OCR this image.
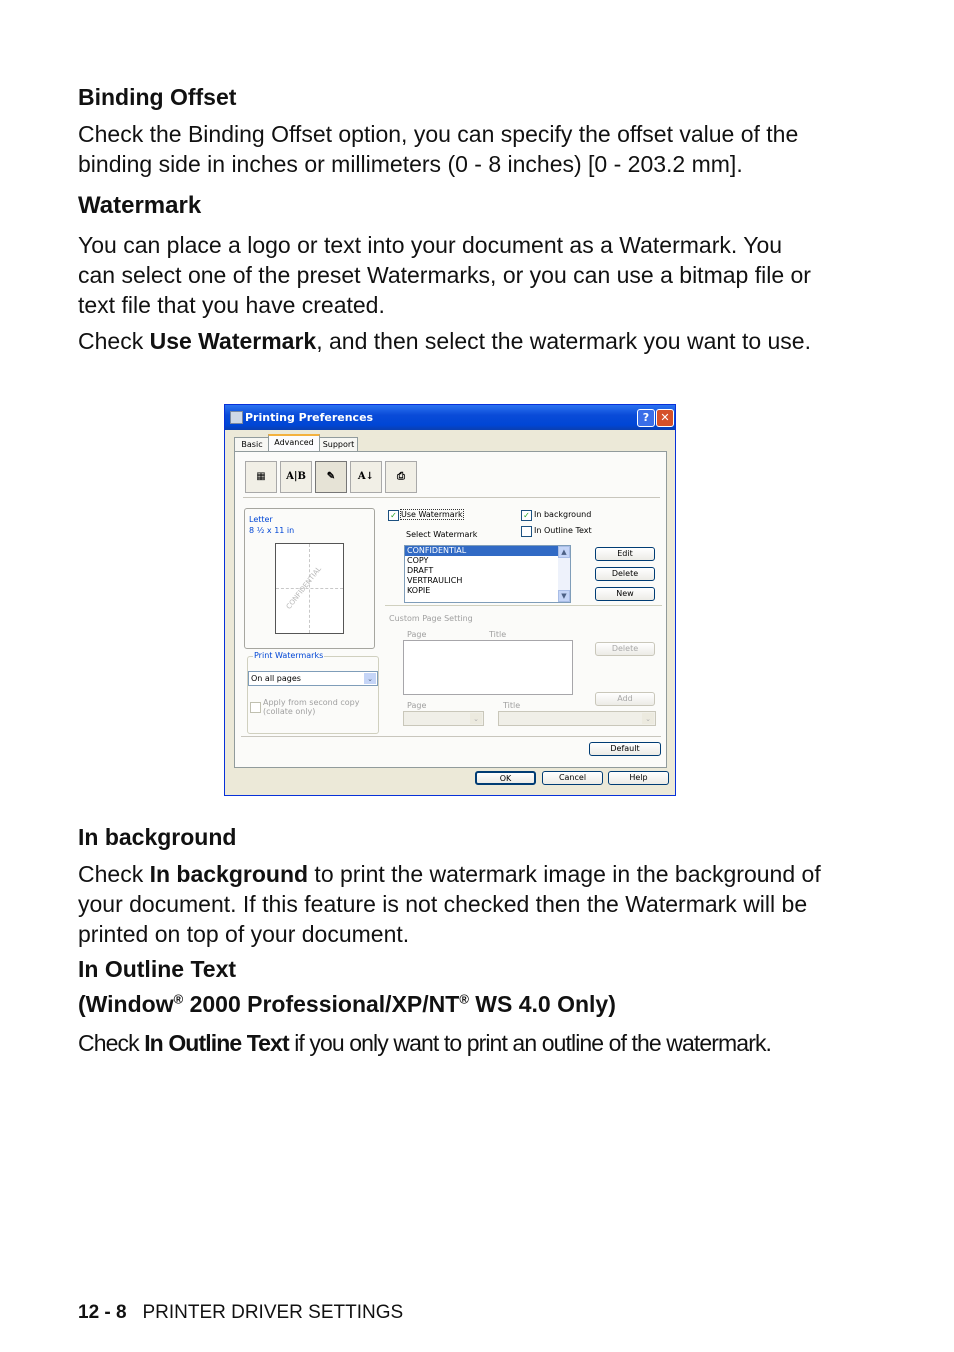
Binding Offset

Check the Binding Offset option, you can specify the offset value of the binding side in inches or millimeters (0 - 8 inches) [0 - 203.2 mm].

Watermark

You can place a logo or text into your document as a Watermark. You can select one of the preset Watermarks, or you can use a bitmap file or text file that you have created.

Check Use Watermark, and then select the watermark you want to use.

Printing Preferences	?	✕
Basic	Advanced	Support
▦	A|B	✎	A↓	⎙
Letter
8 ½ x 11 in
CONFIDENTIAL
Print Watermarks
On all pages	⌄
Apply from second copy
(collate only)
✓ Use Watermark	✓ In background
In Outline Text
Select Watermark
CONFIDENTIAL
COPY
DRAFT
VERTRAULICH
KOPIE
▲
▼
Edit
Delete
New
Custom Page Setting
Page	Title
Delete
Add
Page	Title
⌄	⌄
Default
OK	Cancel	Help
In background

Check In background to print the watermark image in the background of your document. If this feature is not checked then the Watermark will be printed on top of your document.

In Outline Text
(Window® 2000 Professional/XP/NT® WS 4.0 Only)

Check In Outline Text if you only want to print an outline of the watermark.

12 - 8 PRINTER DRIVER SETTINGS
